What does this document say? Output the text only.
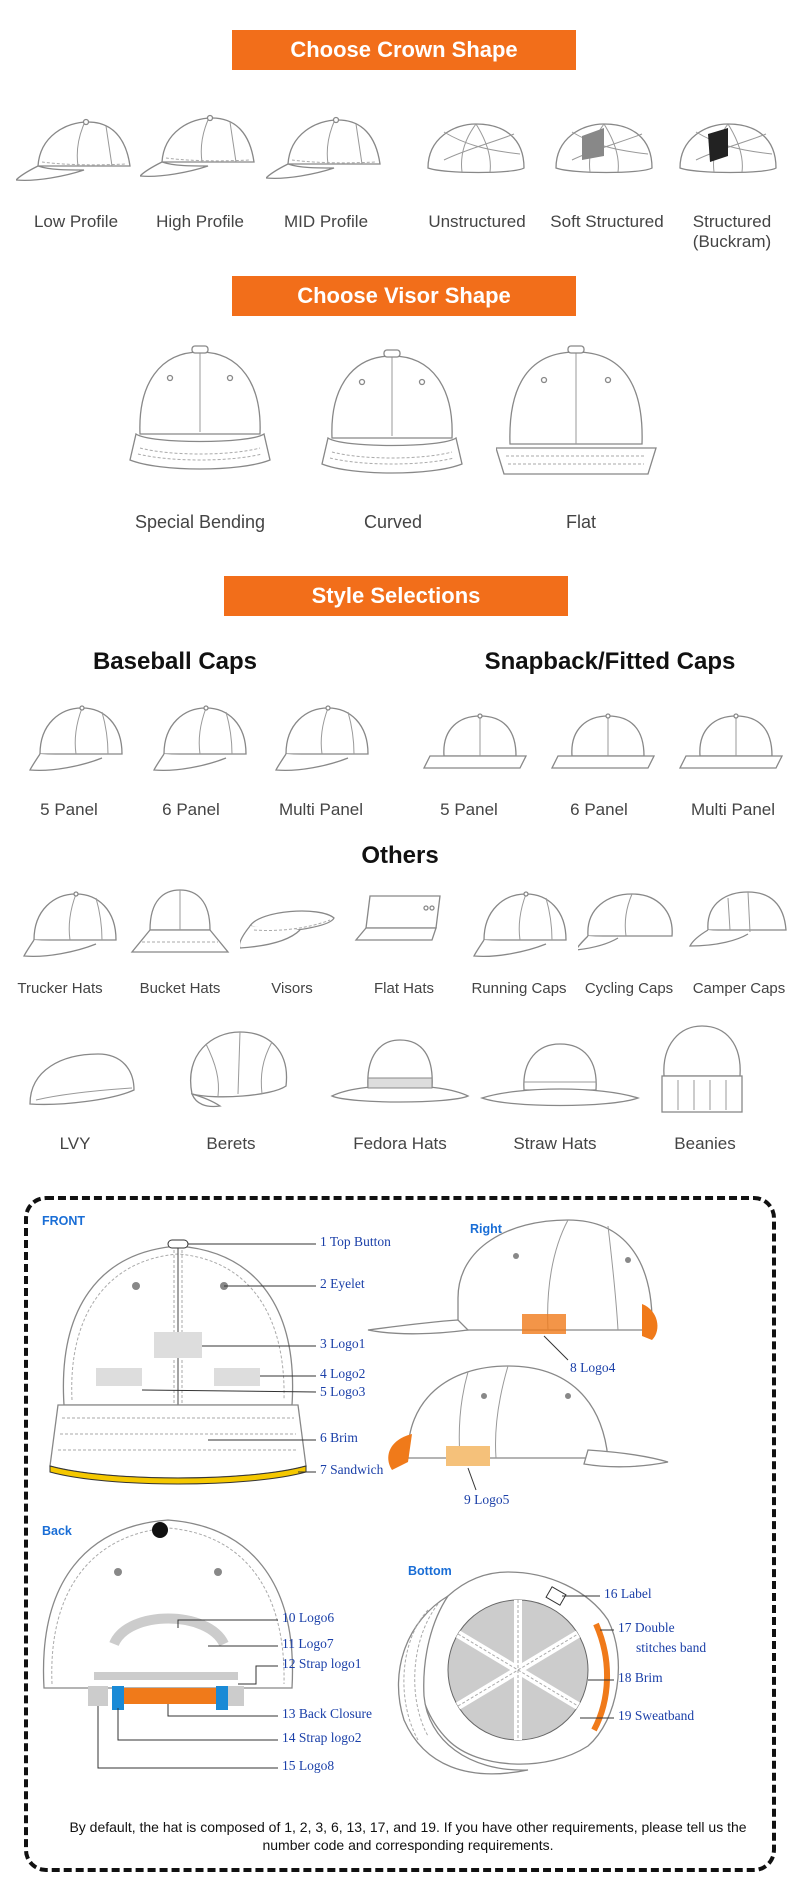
Choose Crown Shape
Low Profile	High Profile	MID Profile	Unstructured	Soft Structured	Structured
(Buckram)
Choose Visor Shape
Special Bending	Curved	Flat
Style Selections
Baseball Caps	Snapback/Fitted Caps
5 Panel	6 Panel	Multi Panel	5 Panel	6 Panel	Multi Panel
Others
Trucker Hats	Bucket Hats	Visors	Flat Hats	Running Caps	Cycling Caps	Camper Caps
LVY	Berets	Fedora Hats	Straw Hats	Beanies
FRONT
Right
Back
Bottom
1 Top Button
2 Eyelet
3 Logo1
4 Logo2
5 Logo3
6 Brim
7 Sandwich
8 Logo4
9 Logo5
10 Logo6
11 Logo7
12 Strap logo1
13 Back Closure
14 Strap logo2
15 Logo8
16 Label
17 Double
stitches band
18 Brim
19 Sweatband
By default, the hat is composed of 1, 2, 3, 6, 13, 17, and 19. If you have other requirements, please tell us the number code and corresponding requirements.
